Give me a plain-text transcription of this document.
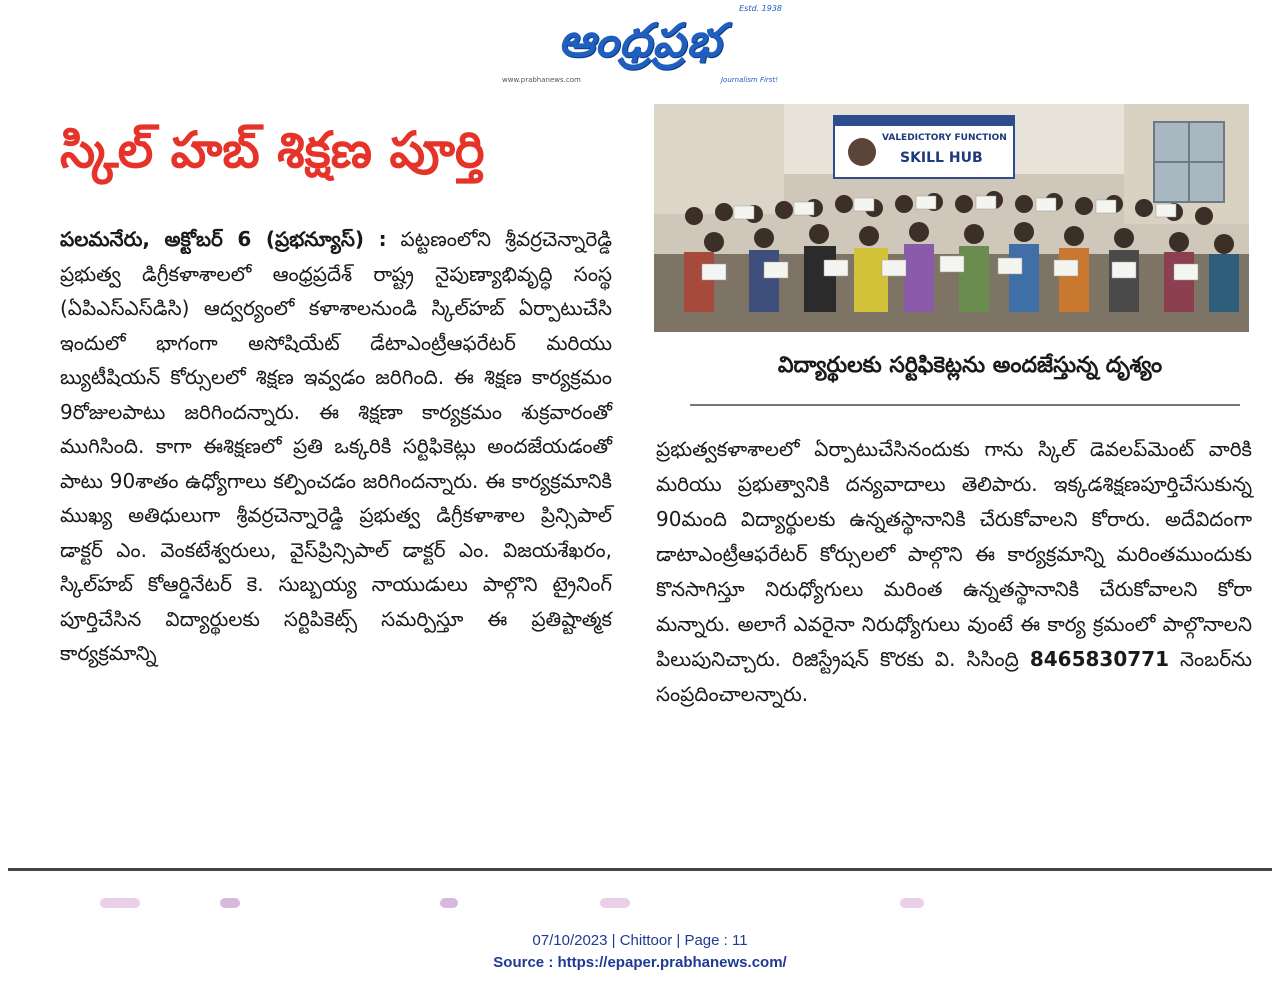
ఆంధ్రప్రభ
Estd. 1938
www.prabhanews.com	Journalism First!
స్కిల్ హబ్ శిక్షణ పూర్తి

పలమనేరు, అక్టోబర్ 6 (ప్రభన్యూస్) : పట్టణంలోని శ్రీవర్రచెన్నారెడ్డి ప్రభుత్వ డిగ్రీకళాశాలలో ఆంధ్రప్రదేశ్ రాష్ట్ర నైపుణ్యాభివృద్ధి సంస్థ (ఏపిఎస్ఎస్‌డిసి) ఆద్వర్యంలో కళాశాలనుండి స్కిల్‌హబ్ ఏర్పాటుచేసి ఇందులో భాగంగా అసోషియేట్ డేటాఎంట్రీఆఫరేటర్ మరియు బ్యుటీషియన్ కోర్సులలో శిక్షణ ఇవ్వడం జరిగింది. ఈ శిక్షణ కార్యక్రమం 9రోజులపాటు జరిగిందన్నారు. ఈ శిక్షణా కార్యక్రమం శుక్రవారంతో ముగిసింది. కాగా ఈశిక్షణలో ప్రతి ఒక్కరికి సర్టిఫికెట్లు అందజేయడంతో పాటు 90శాతం ఉధ్యోగాలు కల్పించడం జరిగిందన్నారు. ఈ కార్యక్రమానికి ముఖ్య అతిధులుగా శ్రీవర్రచెన్నారెడ్డి ప్రభుత్వ డిగ్రీకళాశాల ప్రిన్సిపాల్ డాక్టర్ ఎం. వెంకటేశ్వరులు, వైస్‌ప్రిన్సిపాల్ డాక్టర్ ఎం. విజయశేఖరం, స్కిల్‌హబ్ కోఆర్డినేటర్ కె. సుబ్బయ్య నాయుడులు పాల్గొని ట్రైనింగ్ పూర్తిచేసిన విద్యార్థులకు సర్టిపికెట్స్ సమర్పిస్తూ ఈ ప్రతిష్టాత్మక కార్యక్రమాన్ని

VALEDICTORY FUNCTION
SKILL HUB
విద్యార్థులకు సర్టిఫికెట్లను అందజేస్తున్న దృశ్యం

ప్రభుత్వకళాశాలలో ఏర్పాటుచేసినందుకు గాను స్కిల్ డెవలప్‌మెంట్ వారికి మరియు ప్రభుత్వానికి దన్యవాదాలు తెలిపారు. ఇక్కడశిక్షణపూర్తిచేసుకున్న 90మంది విద్యార్థులకు ఉన్నతస్థానానికి చేరుకోవాలని కోరారు. అదేవిదంగా డాటాఎంట్రీఆఫరేటర్ కోర్సులలో పాల్గొని ఈ కార్యక్రమాన్ని మరింతముందుకు కొనసాగిస్తూ నిరుధ్యోగులు మరింత ఉన్నతస్థానానికి చేరుకోవాలని కోరా మన్నారు. అలాగే ఎవరైనా నిరుధ్యోగులు వుంటే ఈ కార్య క్రమంలో పాల్గొనాలని పిలుపునిచ్చారు. రిజిస్ట్రేషన్ కొరకు వి. సిసింద్రి 8465830771 నెంబర్‌ను సంప్రదించాలన్నారు.

07/10/2023 | Chittoor | Page : 11
Source : https://epaper.prabhanews.com/
